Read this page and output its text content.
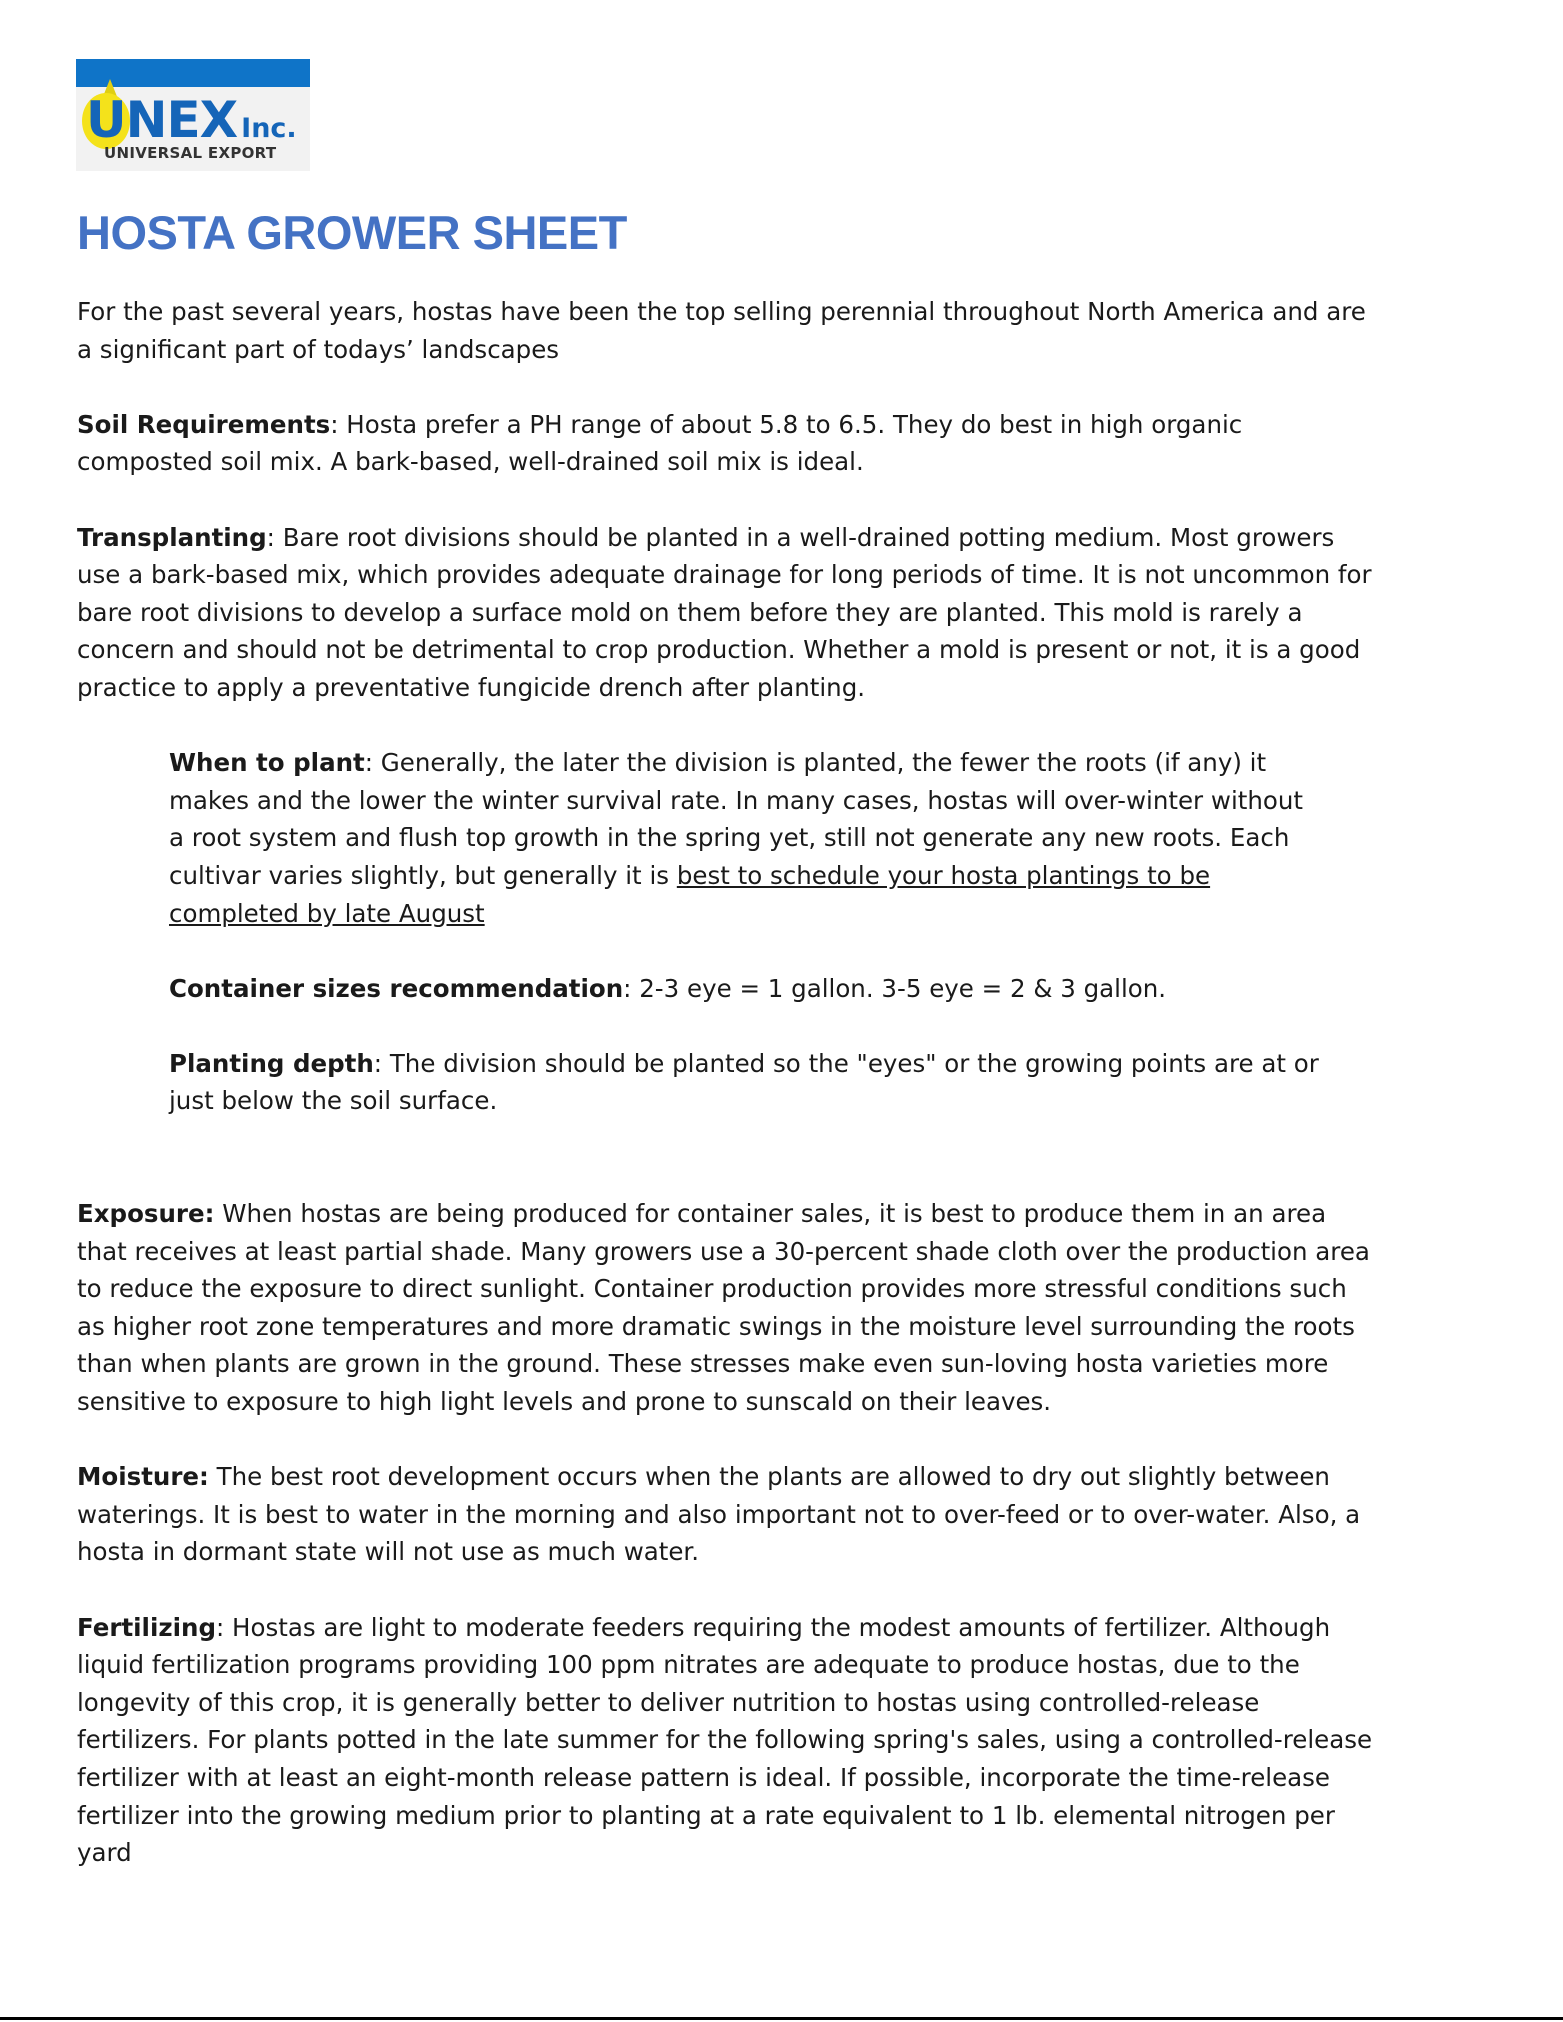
UNEX Inc.
UNIVERSAL EXPORT
HOSTA GROWER SHEET

For the past several years, hostas have been the top selling perennial throughout North America and are a significant part of todays’ landscapes

Soil Requirements: Hosta prefer a PH range of about 5.8 to 6.5. They do best in high organic composted soil mix. A bark-based, well-drained soil mix is ideal.

Transplanting: Bare root divisions should be planted in a well-drained potting medium. Most growers use a bark-based mix, which provides adequate drainage for long periods of time. It is not uncommon for bare root divisions to develop a surface mold on them before they are planted. This mold is rarely a concern and should not be detrimental to crop production. Whether a mold is present or not, it is a good practice to apply a preventative fungicide drench after planting.

When to plant: Generally, the later the division is planted, the fewer the roots (if any) it makes and the lower the winter survival rate. In many cases, hostas will over-winter without a root system and flush top growth in the spring yet, still not generate any new roots. Each cultivar varies slightly, but generally it is best to schedule your hosta plantings to be completed by late August

Container sizes recommendation: 2-3 eye = 1 gallon. 3-5 eye = 2 & 3 gallon.

Planting depth: The division should be planted so the "eyes" or the growing points are at or just below the soil surface.

Exposure: When hostas are being produced for container sales, it is best to produce them in an area that receives at least partial shade. Many growers use a 30-percent shade cloth over the production area to reduce the exposure to direct sunlight. Container production provides more stressful conditions such as higher root zone temperatures and more dramatic swings in the moisture level surrounding the roots than when plants are grown in the ground. These stresses make even sun-loving hosta varieties more sensitive to exposure to high light levels and prone to sunscald on their leaves.

Moisture: The best root development occurs when the plants are allowed to dry out slightly between waterings. It is best to water in the morning and also important not to over-feed or to over-water. Also, a hosta in dormant state will not use as much water.

Fertilizing: Hostas are light to moderate feeders requiring the modest amounts of fertilizer. Although liquid fertilization programs providing 100 ppm nitrates are adequate to produce hostas, due to the longevity of this crop, it is generally better to deliver nutrition to hostas using controlled-release fertilizers. For plants potted in the late summer for the following spring's sales, using a controlled-release fertilizer with at least an eight-month release pattern is ideal. If possible, incorporate the time-release fertilizer into the growing medium prior to planting at a rate equivalent to 1 lb. elemental nitrogen per yard
